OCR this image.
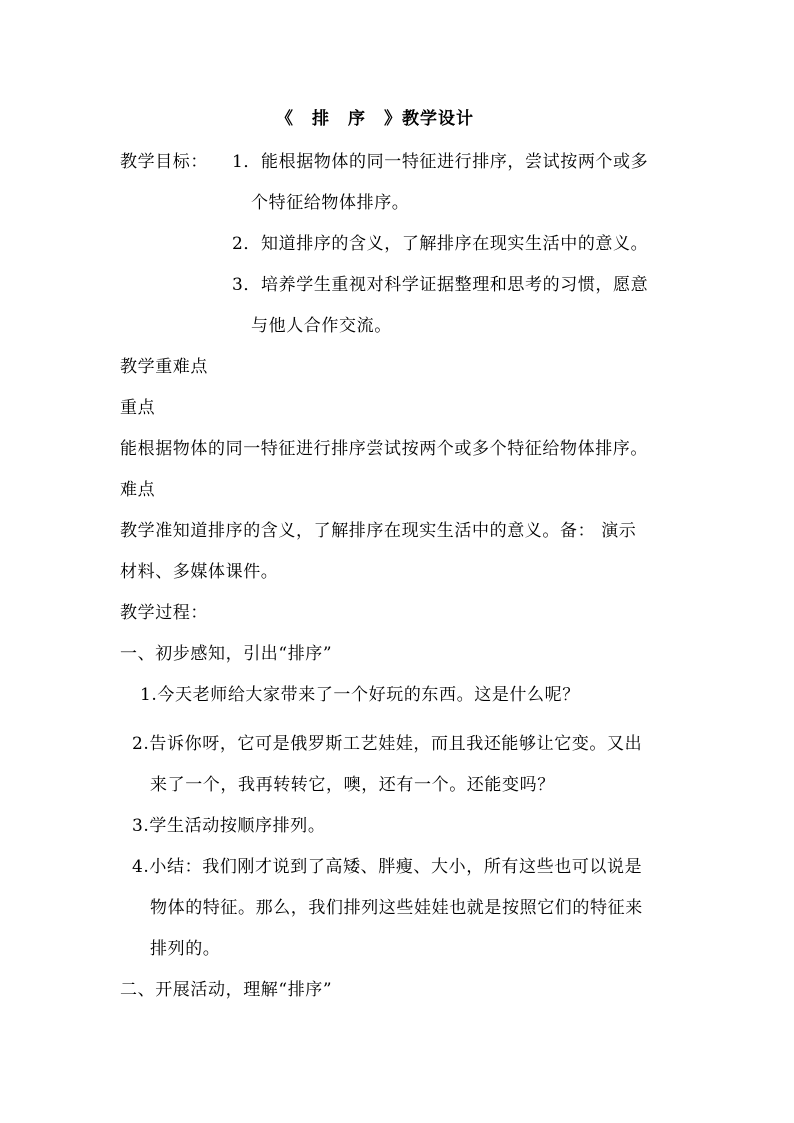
《　排　序　》教学设计
教学目标： 1．能根据物体的同一特征进行排序，尝试按两个或多
个特征给物体排序。
2．知道排序的含义，了解排序在现实生活中的意义。
3．培养学生重视对科学证据整理和思考的习惯，愿意
与他人合作交流。
教学重难点
重点
能根据物体的同一特征进行排序尝试按两个或多个特征给物体排序。
难点
教学准知道排序的含义，了解排序在现实生活中的意义。备： 演示
材料、多媒体课件。
教学过程：
一、初步感知，引出“排序”
1.今天老师给大家带来了一个好玩的东西。这是什么呢？
2.告诉你呀，它可是俄罗斯工艺娃娃，而且我还能够让它变。又出
来了一个，我再转转它，噢，还有一个。还能变吗？
3.学生活动按顺序排列。
4.小结：我们刚才说到了高矮、胖瘦、大小，所有这些也可以说是
物体的特征。那么，我们排列这些娃娃也就是按照它们的特征来
排列的。
二、开展活动，理解“排序”
